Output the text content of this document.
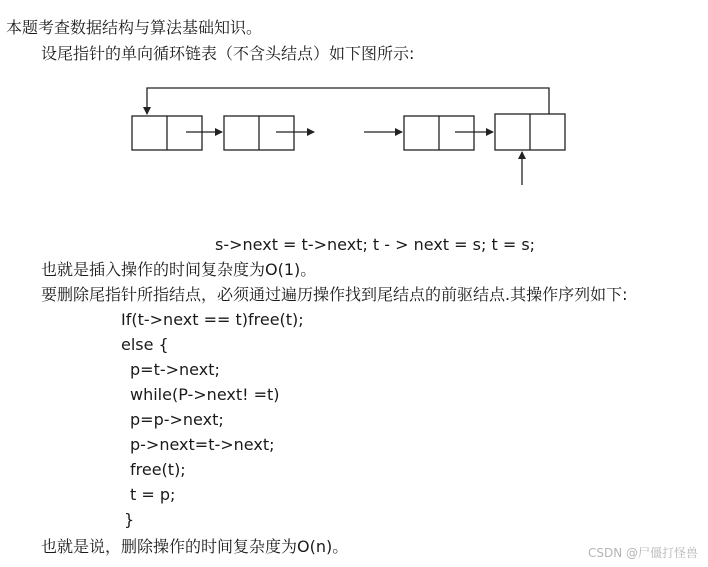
本题考查数据结构与算法基础知识。
设尾指针的单向循环链表（不含头结点）如下图所示:
s->next = t->next; t - > next = s; t = s;
也就是插入操作的时间复杂度为O(1)。
要删除尾指针所指结点，必须通过遍历操作找到尾结点的前驱结点.其操作序列如下:
If(t->next == t)free(t);
else {
p=t->next;
while(P->next! =t)
p=p->next;
p->next=t->next;
free(t);
t = p;
}
也就是说，删除操作的时间复杂度为O(n)。	CSDN @尸僵打怪兽
